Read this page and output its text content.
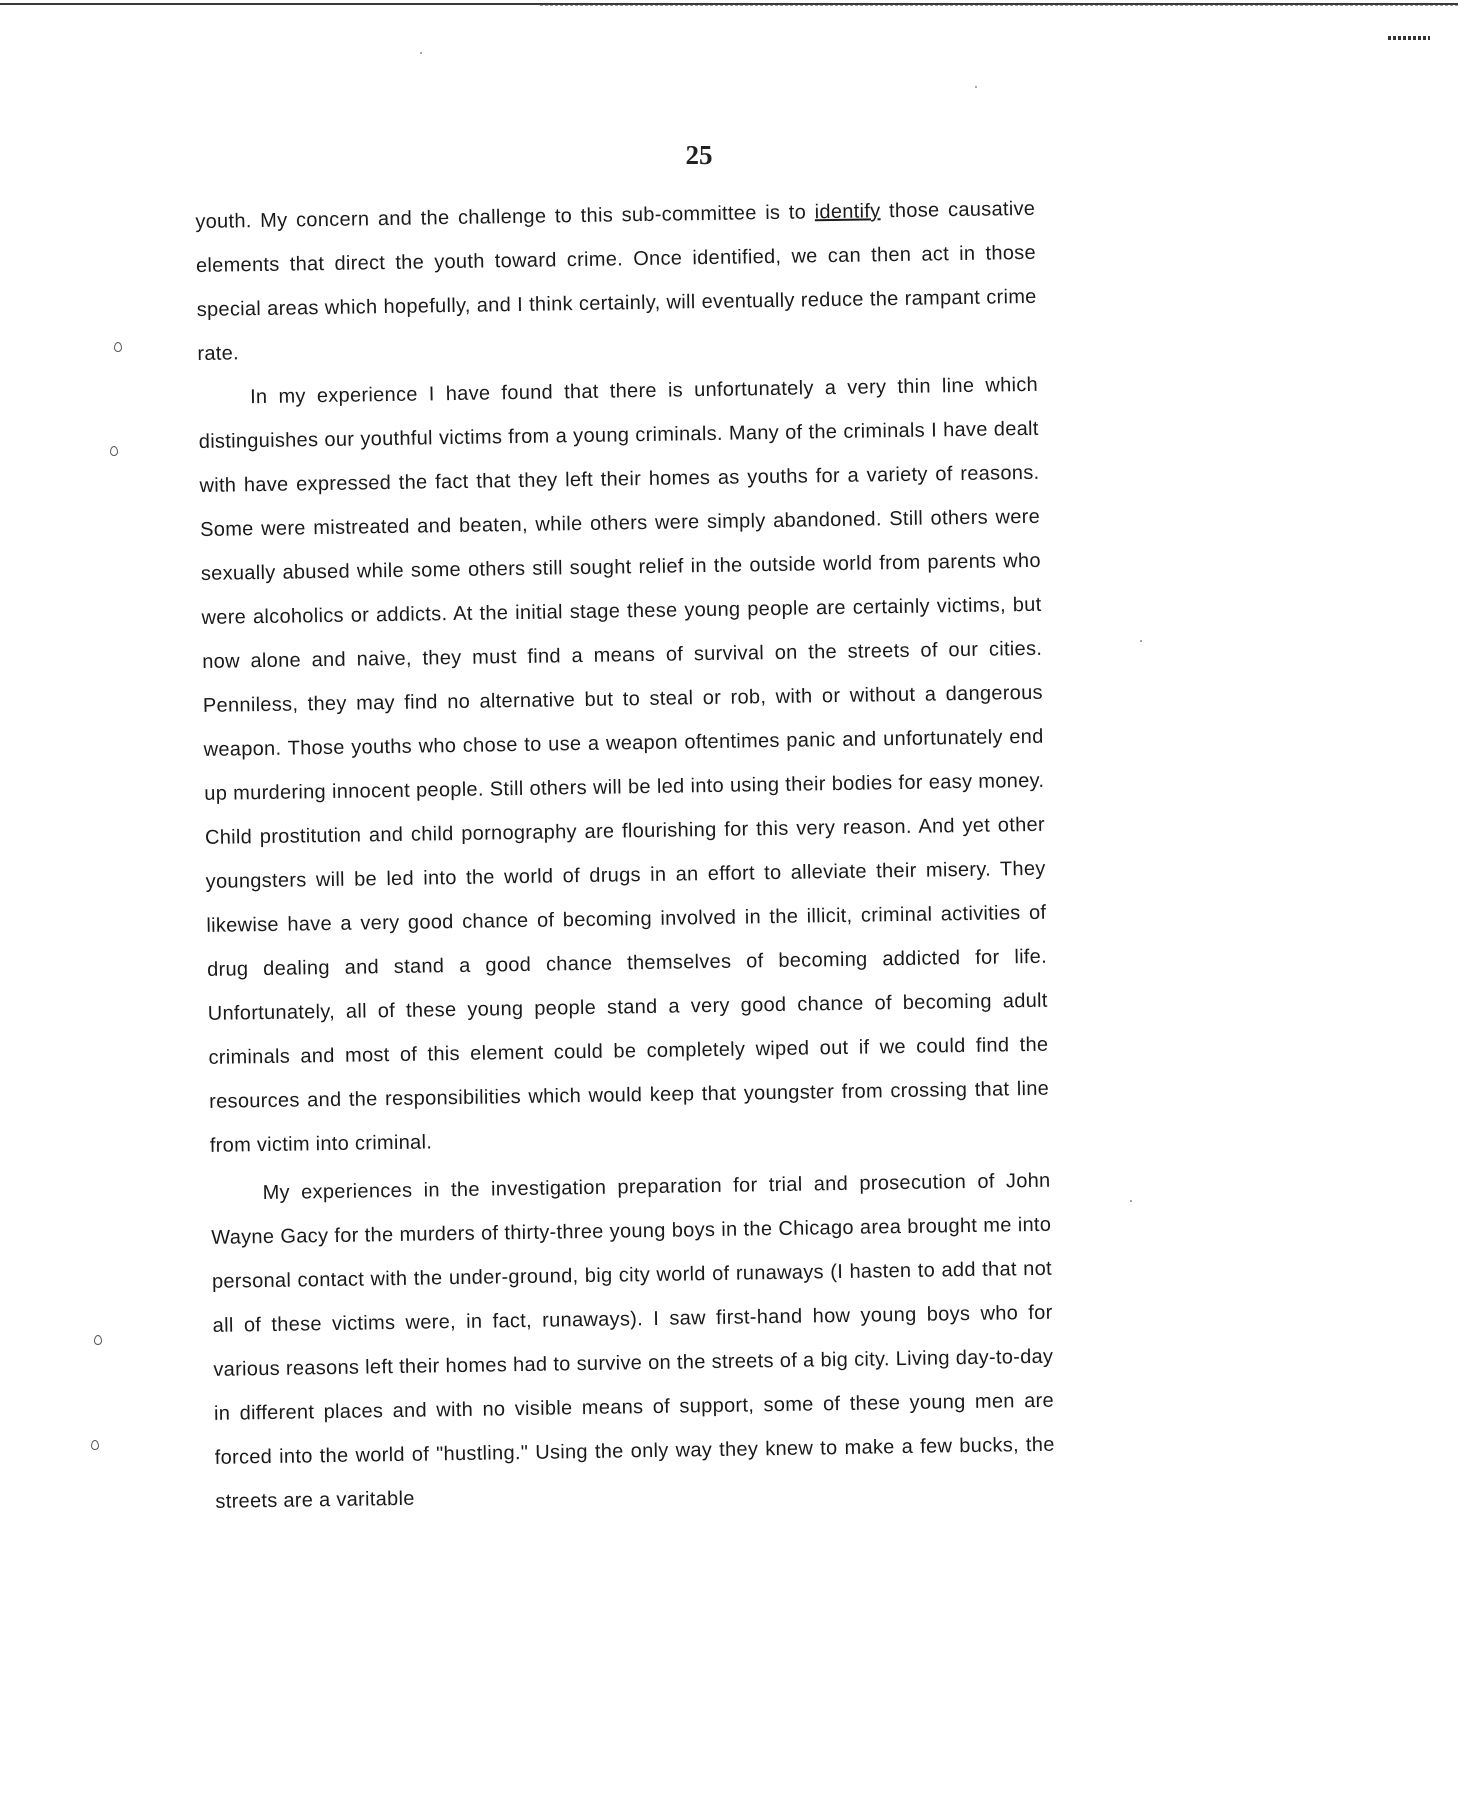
25

youth. My concern and the challenge to this sub-committee is to identify those causative elements that direct the youth toward crime. Once identified, we can then act in those special areas which hopefully, and I think certainly, will eventually reduce the rampant crime rate.

In my experience I have found that there is unfortunately a very thin line which distinguishes our youthful victims from a young criminals. Many of the criminals I have dealt with have expressed the fact that they left their homes as youths for a variety of reasons. Some were mistreated and beaten, while others were simply abandoned. Still others were sexually abused while some others still sought relief in the outside world from parents who were alcoholics or addicts. At the initial stage these young people are certainly victims, but now alone and naive, they must find a means of survival on the streets of our cities. Penniless, they may find no alternative but to steal or rob, with or without a dangerous weapon. Those youths who chose to use a weapon oftentimes panic and unfortunately end up murdering innocent people. Still others will be led into using their bodies for easy money. Child prostitution and child pornography are flourishing for this very reason. And yet other youngsters will be led into the world of drugs in an effort to alleviate their misery. They likewise have a very good chance of becoming involved in the illicit, criminal activities of drug dealing and stand a good chance themselves of becoming addicted for life. Unfortunately, all of these young people stand a very good chance of becoming adult criminals and most of this element could be completely wiped out if we could find the resources and the responsibilities which would keep that youngster from crossing that line from victim into criminal.

My experiences in the investigation preparation for trial and prosecution of John Wayne Gacy for the murders of thirty-three young boys in the Chicago area brought me into personal contact with the under-ground, big city world of runaways (I hasten to add that not all of these victims were, in fact, runaways). I saw first-hand how young boys who for various reasons left their homes had to survive on the streets of a big city. Living day-to-day in different places and with no visible means of support, some of these young men are forced into the world of "hustling." Using the only way they knew to make a few bucks, the streets are a varitable
